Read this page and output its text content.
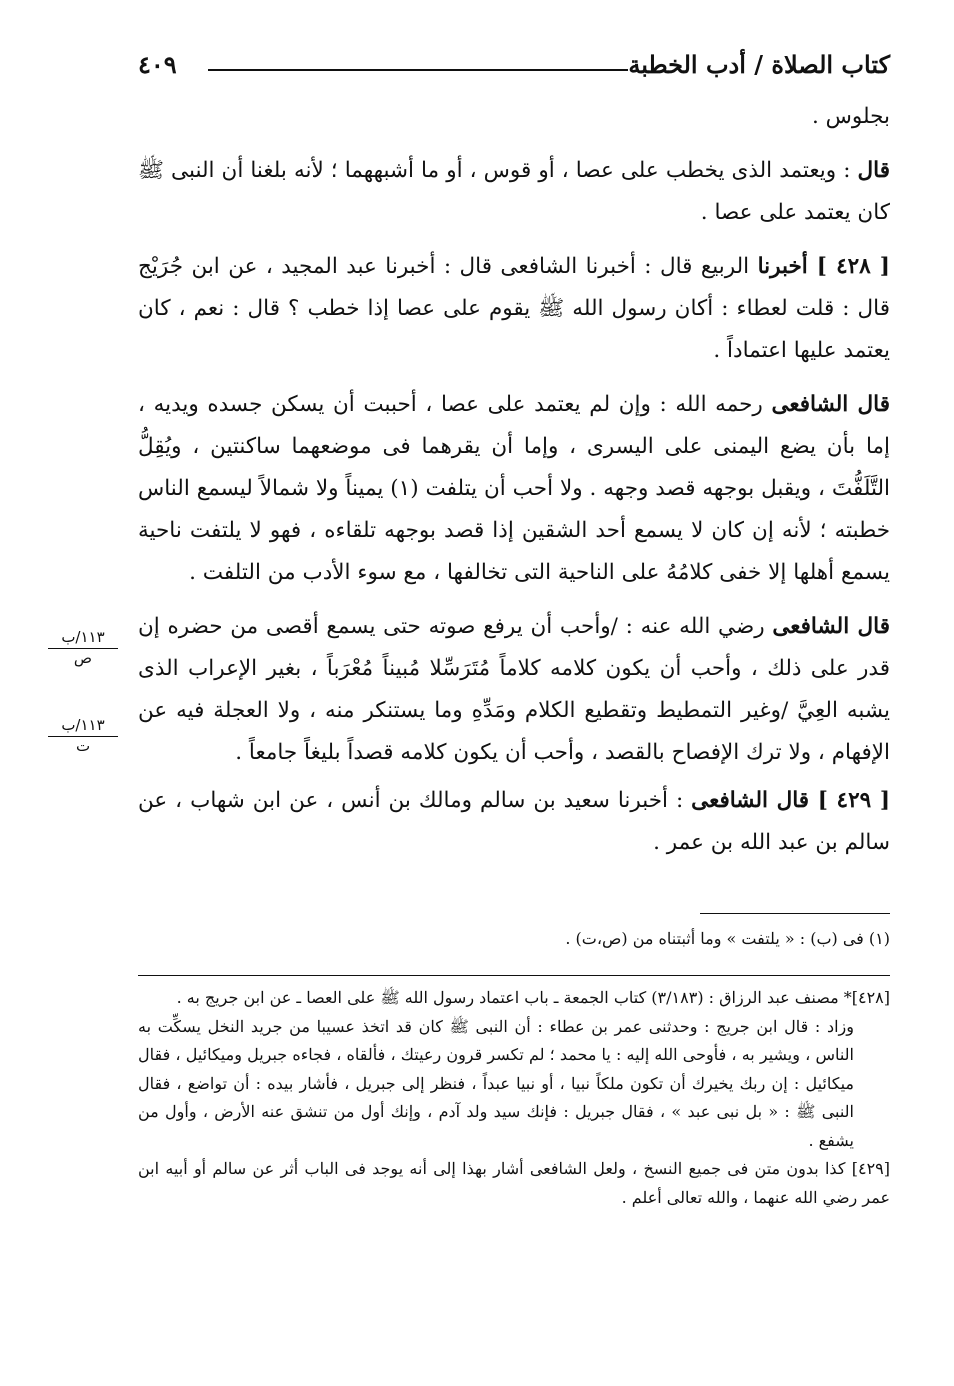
كتاب الصلاة / أدب الخطبة
٤٠٩

بجلوس .

قال : ويعتمد الذى يخطب على عصا ، أو قوس ، أو ما أشبههما ؛ لأنه بلغنا أن النبى ﷺ كان يعتمد على عصا .

[ ٤٢٨ ] أخبرنا الربيع قال : أخبرنا الشافعى قال : أخبرنا عبد المجيد ، عن ابن جُرَيْج قال : قلت لعطاء : أكان رسول الله ﷺ يقوم على عصا إذا خطب ؟ قال : نعم ، كان يعتمد عليها اعتماداً .

قال الشافعى رحمه الله : وإن لم يعتمد على عصا ، أحببت أن يسكن جسده ويديه ، إما بأن يضع اليمنى على اليسرى ، وإما أن يقرهما فى موضعهما ساكنتين ، ويُقِلُّ التَّلَفُّتَ ، ويقبل بوجهه قصد وجهه . ولا أحب أن يتلفت (١) يميناً ولا شمالاً ليسمع الناس خطبته ؛ لأنه إن كان لا يسمع أحد الشقين إذا قصد بوجهه تلقاءه ، فهو لا يلتفت ناحية يسمع أهلها إلا خفى كلامُهُ على الناحية التى تخالفها ، مع سوء الأدب من التلفت .

قال الشافعى رضي الله عنه : /وأحب أن يرفع صوته حتى يسمع أقصى من حضره إن قدر على ذلك ، وأحب أن يكون كلامه كلاماً مُتَرَسِّلا مُبيناً مُعْرَباً ، بغير الإعراب الذى يشبه العِيَّ /وغير التمطيط وتقطيع الكلام ومَدِّهِ وما يستنكر منه ، ولا العجلة فيه عن الإفهام ، ولا ترك الإفصاح بالقصد ، وأحب أن يكون كلامه قصداً بليغاً جامعاً .

[ ٤٢٩ ] قال الشافعى : أخبرنا سعيد بن سالم ومالك بن أنس ، عن ابن شهاب ، عن سالم بن عبد الله بن عمر .

١١٣/ب
ص
١١٣/ب
ت
(١) فى (ب) : « يلتفت » وما أثبتناه من (ص،ت) .

[٤٢٨]* مصنف عبد الرزاق : (٣/١٨٣) كتاب الجمعة ـ باب اعتماد رسول الله ﷺ على العصا ـ عن ابن جريج به .

وزاد : قال ابن جريج : وحدثنى عمر بن عطاء : أن النبى ﷺ كان قد اتخذ عسيبا من جريد النخل يسكِّت به الناس ، ويشير به ، فأوحى الله إليه : يا محمد ؛ لم تكسر قرون رعيتك ، فألقاه ، فجاءه جبريل وميكائيل ، فقال ميكائيل : إن ربك يخيرك أن تكون ملكاً نبيا ، أو نبيا عبداً ، فنظر إلى جبريل ، فأشار بيده : أن تواضع ، فقال النبى ﷺ : « بل نبى عبد » ، فقال جبريل : فإنك سيد ولد آدم ، وإنك أول من تنشق عنه الأرض ، وأول من يشفع .

[٤٢٩] كذا بدون متن فى جميع النسخ ، ولعل الشافعى أشار بهذا إلى أنه يوجد فى الباب أثر عن سالم أو أبيه ابن عمر رضي الله عنهما ، والله تعالى أعلم .
